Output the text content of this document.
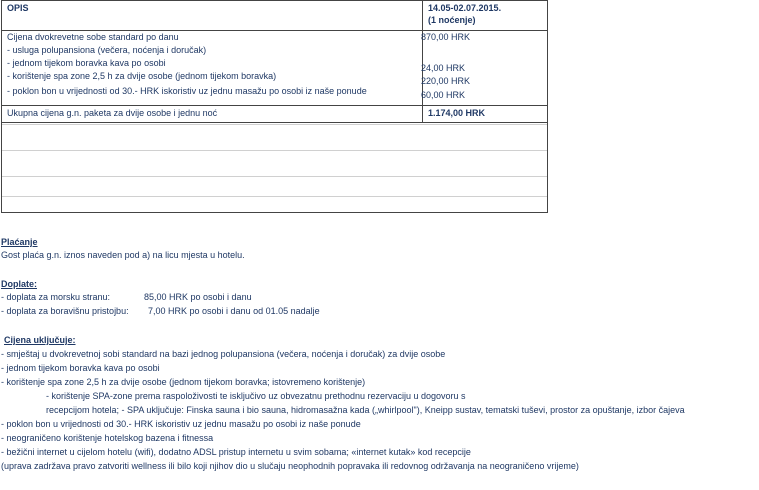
OPIS	14.05-02.07.2015.
(1 noćenje)
Cijena dvokrevetne sobe standard po danu	870,00 HRK
- usluga polupansiona (večera, noćenja i doručak)
- jednom tijekom boravka kava po osobi	24,00 HRK
- korištenje spa zone 2,5 h za dvije osobe (jednom tijekom boravka)	220,00 HRK
- poklon bon u vrijednosti od 30.- HRK iskoristiv uz jednu masažu po osobi iz naše ponude	60,00 HRK
Ukupna cijena g.n. paketa za dvije osobe i jednu noć	1.174,00 HRK
Plaćanje
Gost plaća g.n. iznos naveden pod a) na licu mjesta u hotelu.
Doplate:
- doplata za morsku stranu:	85,00 HRK po osobi i danu
- doplata za boravišnu pristojbu: 7,00 HRK po osobi i danu od 01.05 nadalje
Cijena uključuje:
- smještaj u dvokrevetnoj sobi standard na bazi jednog polupansiona (večera, noćenja i doručak) za dvije osobe
- jednom tijekom boravka kava po osobi
- korištenje spa zone 2,5 h za dvije osobe (jednom tijekom boravka; istovremeno korištenje)
- korištenje SPA-zone prema raspoloživosti te isključivo uz obvezatnu prethodnu rezervaciju u dogovoru s
recepcijom hotela; - SPA uključuje: Finska sauna i bio sauna, hidromasažna kada („whirlpool"), Kneipp sustav, tematski tuševi, prostor za opuštanje, izbor čajeva
- poklon bon u vrijednosti od 30.- HRK iskoristiv uz jednu masažu po osobi iz naše ponude
- neograničeno korištenje hotelskog bazena i fitnessa
- bežični internet u cijelom hotelu (wifi), dodatno ADSL pristup internetu u svim sobama; «internet kutak» kod recepcije
(uprava zadržava pravo zatvoriti wellness ili bilo koji njihov dio u slučaju neophodnih popravaka ili redovnog održavanja na neograničeno vrijeme)
